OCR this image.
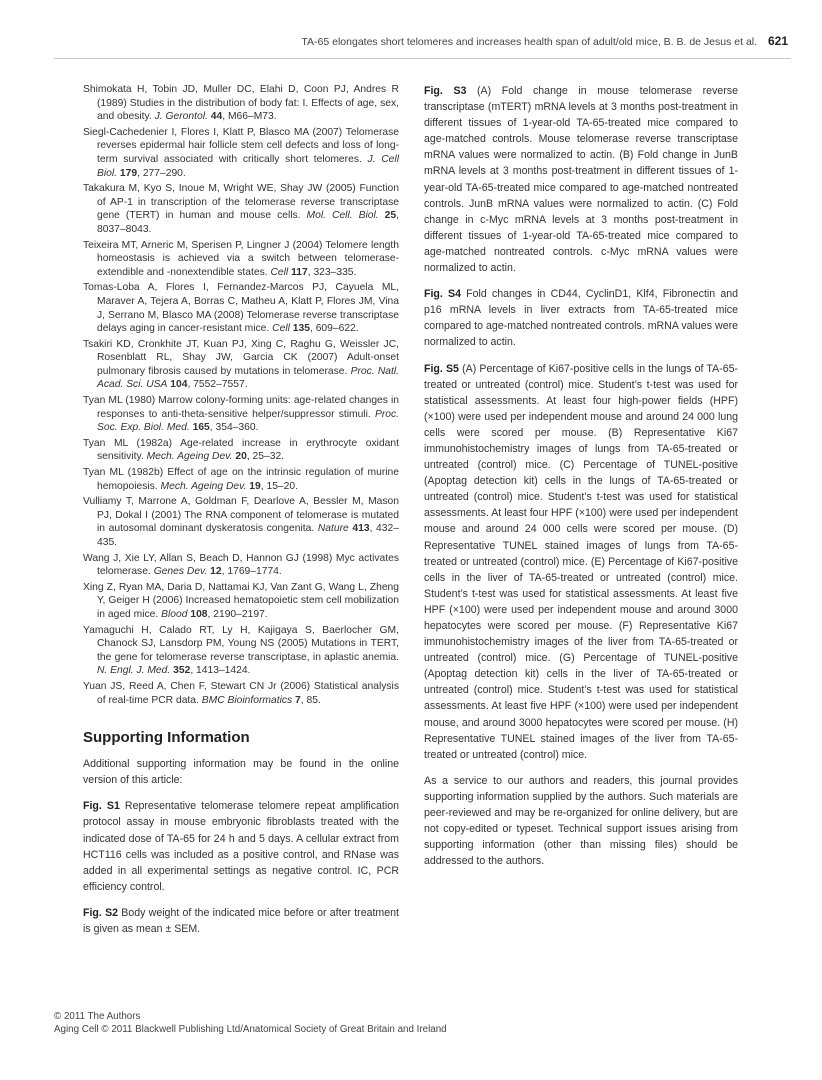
TA-65 elongates short telomeres and increases health span of adult/old mice, B. B. de Jesus et al. 621

Shimokata H, Tobin JD, Muller DC, Elahi D, Coon PJ, Andres R (1989) Studies in the distribution of body fat: I. Effects of age, sex, and obesity. J. Gerontol. 44, M66–M73.

Siegl-Cachedenier I, Flores I, Klatt P, Blasco MA (2007) Telomerase reverses epidermal hair follicle stem cell defects and loss of long-term survival associated with critically short telomeres. J. Cell Biol. 179, 277–290.

Takakura M, Kyo S, Inoue M, Wright WE, Shay JW (2005) Function of AP-1 in transcription of the telomerase reverse transcriptase gene (TERT) in human and mouse cells. Mol. Cell. Biol. 25, 8037–8043.

Teixeira MT, Arneric M, Sperisen P, Lingner J (2004) Telomere length homeostasis is achieved via a switch between telomerase- extendible and -nonextendible states. Cell 117, 323–335.

Tomas-Loba A, Flores I, Fernandez-Marcos PJ, Cayuela ML, Maraver A, Tejera A, Borras C, Matheu A, Klatt P, Flores JM, Vina J, Serrano M, Blasco MA (2008) Telomerase reverse transcriptase delays aging in cancer-resistant mice. Cell 135, 609–622.

Tsakiri KD, Cronkhite JT, Kuan PJ, Xing C, Raghu G, Weissler JC, Rosenblatt RL, Shay JW, Garcia CK (2007) Adult-onset pulmonary fibrosis caused by mutations in telomerase. Proc. Natl. Acad. Sci. USA 104, 7552–7557.

Tyan ML (1980) Marrow colony-forming units: age-related changes in responses to anti-theta-sensitive helper/suppressor stimuli. Proc. Soc. Exp. Biol. Med. 165, 354–360.

Tyan ML (1982a) Age-related increase in erythrocyte oxidant sensitivity. Mech. Ageing Dev. 20, 25–32.

Tyan ML (1982b) Effect of age on the intrinsic regulation of murine hemopoiesis. Mech. Ageing Dev. 19, 15–20.

Vulliamy T, Marrone A, Goldman F, Dearlove A, Bessler M, Mason PJ, Dokal I (2001) The RNA component of telomerase is mutated in autosomal dominant dyskeratosis congenita. Nature 413, 432–435.

Wang J, Xie LY, Allan S, Beach D, Hannon GJ (1998) Myc activates telomerase. Genes Dev. 12, 1769–1774.

Xing Z, Ryan MA, Daria D, Nattamai KJ, Van Zant G, Wang L, Zheng Y, Geiger H (2006) Increased hematopoietic stem cell mobilization in aged mice. Blood 108, 2190–2197.

Yamaguchi H, Calado RT, Ly H, Kajigaya S, Baerlocher GM, Chanock SJ, Lansdorp PM, Young NS (2005) Mutations in TERT, the gene for telomerase reverse transcriptase, in aplastic anemia. N. Engl. J. Med. 352, 1413–1424.

Yuan JS, Reed A, Chen F, Stewart CN Jr (2006) Statistical analysis of real-time PCR data. BMC Bioinformatics 7, 85.

Supporting Information

Additional supporting information may be found in the online version of this article:

Fig. S1 Representative telomerase telomere repeat amplification protocol assay in mouse embryonic fibroblasts treated with the indicated dose of TA-65 for 24 h and 5 days. A cellular extract from HCT116 cells was included as a positive control, and RNase was added in all experimental settings as negative control. IC, PCR efficiency control.

Fig. S2 Body weight of the indicated mice before or after treatment is given as mean ± SEM.

Fig. S3 (A) Fold change in mouse telomerase reverse transcriptase (mTERT) mRNA levels at 3 months post-treatment in different tissues of 1-year-old TA-65-treated mice compared to age-matched controls. Mouse telomerase reverse transcriptase mRNA values were normalized to actin. (B) Fold change in JunB mRNA levels at 3 months post-treatment in different tissues of 1-year-old TA-65-treated mice compared to age-matched nontreated controls. JunB mRNA values were normalized to actin. (C) Fold change in c-Myc mRNA levels at 3 months post-treatment in different tissues of 1-year-old TA-65-treated mice compared to age-matched nontreated controls. c-Myc mRNA values were normalized to actin.

Fig. S4 Fold changes in CD44, CyclinD1, Klf4, Fibronectin and p16 mRNA levels in liver extracts from TA-65-treated mice compared to age-matched nontreated controls. mRNA values were normalized to actin.

Fig. S5 (A) Percentage of Ki67-positive cells in the lungs of TA-65-treated or untreated (control) mice. Student’s t-test was used for statistical assessments. At least four high-power fields (HPF) (×100) were used per independent mouse and around 24 000 lung cells were scored per mouse. (B) Representative Ki67 immunohistochemistry images of lungs from TA-65-treated or untreated (control) mice. (C) Percentage of TUNEL-positive (Apoptag detection kit) cells in the lungs of TA-65-treated or untreated (control) mice. Student’s t-test was used for statistical assessments. At least four HPF (×100) were used per independent mouse and around 24 000 cells were scored per mouse. (D) Representative TUNEL stained images of lungs from TA-65-treated or untreated (control) mice. (E) Percentage of Ki67-positive cells in the liver of TA-65-treated or untreated (control) mice. Student’s t-test was used for statistical assessments. At least five HPF (×100) were used per independent mouse and around 3000 hepatocytes were scored per mouse. (F) Representative Ki67 immunohistochemistry images of the liver from TA-65-treated or untreated (control) mice. (G) Percentage of TUNEL-positive (Apoptag detection kit) cells in the liver of TA-65-treated or untreated (control) mice. Student’s t-test was used for statistical assessments. At least five HPF (×100) were used per independent mouse, and around 3000 hepatocytes were scored per mouse. (H) Representative TUNEL stained images of the liver from TA-65-treated or untreated (control) mice.

As a service to our authors and readers, this journal provides supporting information supplied by the authors. Such materials are peer-reviewed and may be re-organized for online delivery, but are not copy-edited or typeset. Technical support issues arising from supporting information (other than missing files) should be addressed to the authors.

© 2011 The Authors
Aging Cell © 2011 Blackwell Publishing Ltd/Anatomical Society of Great Britain and Ireland
